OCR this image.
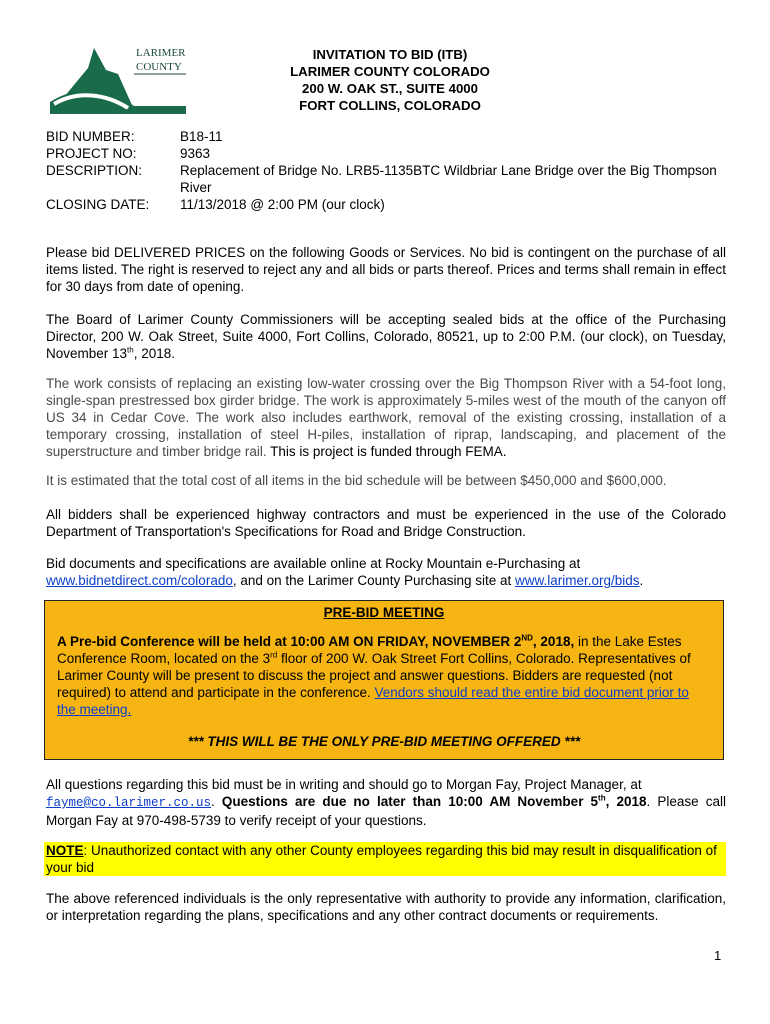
LARIMER
COUNTY
INVITATION TO BID (ITB)
LARIMER COUNTY COLORADO
200 W. OAK ST., SUITE 4000
FORT COLLINS, COLORADO
BID NUMBER:	B18-11
PROJECT NO:	9363
DESCRIPTION:	Replacement of Bridge No. LRB5-1135BTC Wildbriar Lane Bridge over the Big Thompson River
CLOSING DATE:	11/13/2018 @ 2:00 PM (our clock)
Please bid DELIVERED PRICES on the following Goods or Services. No bid is contingent on the purchase of all items listed. The right is reserved to reject any and all bids or parts thereof. Prices and terms shall remain in effect for 30 days from date of opening.
The Board of Larimer County Commissioners will be accepting sealed bids at the office of the Purchasing Director, 200 W. Oak Street, Suite 4000, Fort Collins, Colorado, 80521, up to 2:00 P.M. (our clock), on Tuesday, November 13th, 2018.
The work consists of replacing an existing low-water crossing over the Big Thompson River with a 54-foot long, single-span prestressed box girder bridge. The work is approximately 5-miles west of the mouth of the canyon off US 34 in Cedar Cove. The work also includes earthwork, removal of the existing crossing, installation of a temporary crossing, installation of steel H-piles, installation of riprap, landscaping, and placement of the superstructure and timber bridge rail. This is project is funded through FEMA.
It is estimated that the total cost of all items in the bid schedule will be between $450,000 and $600,000.
All bidders shall be experienced highway contractors and must be experienced in the use of the Colorado Department of Transportation's Specifications for Road and Bridge Construction.
Bid documents and specifications are available online at Rocky Mountain e-Purchasing at
www.bidnetdirect.com/colorado, and on the Larimer County Purchasing site at www.larimer.org/bids.
PRE-BID MEETING
A Pre-bid Conference will be held at 10:00 AM ON FRIDAY, NOVEMBER 2ND, 2018, in the Lake Estes Conference Room, located on the 3rd floor of 200 W. Oak Street Fort Collins, Colorado. Representatives of Larimer County will be present to discuss the project and answer questions. Bidders are requested (not required) to attend and participate in the conference. Vendors should read the entire bid document prior to the meeting.
*** THIS WILL BE THE ONLY PRE-BID MEETING OFFERED ***
All questions regarding this bid must be in writing and should go to Morgan Fay, Project Manager, at
fayme@co.larimer.co.us. Questions are due no later than 10:00 AM November 5th, 2018. Please call Morgan Fay at 970-498-5739 to verify receipt of your questions.
NOTE: Unauthorized contact with any other County employees regarding this bid may result in disqualification of your bid
The above referenced individuals is the only representative with authority to provide any information, clarification, or interpretation regarding the plans, specifications and any other contract documents or requirements.
1
